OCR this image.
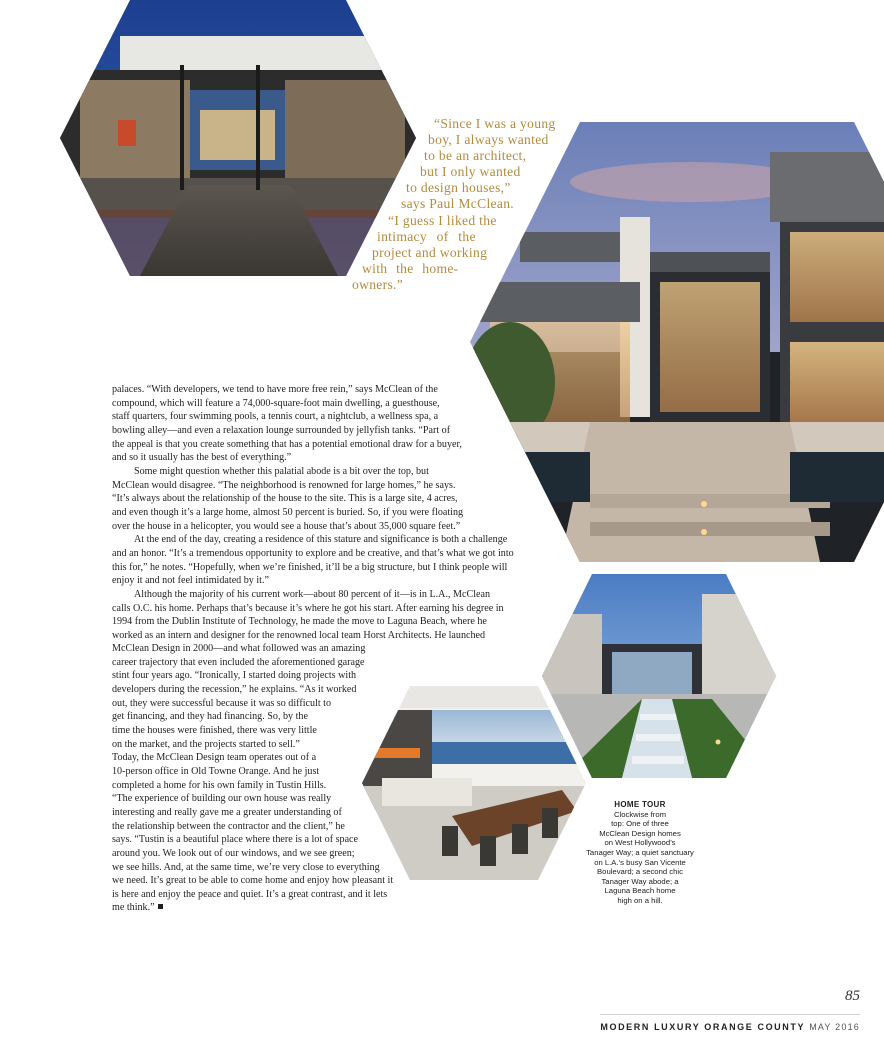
“Since I was a young
boy, I always wanted
to be an architect,
but I only wanted
to design houses,”
says Paul McClean.
“I guess I liked the
intimacy of the
project and working
with the home-
owners.”
palaces. “With developers, we tend to have more free rein,” says McClean of the
compound, which will feature a 74,000-square-foot main dwelling, a guesthouse,
staff quarters, four swimming pools, a tennis court, a nightclub, a wellness spa, a
bowling alley—and even a relaxation lounge surrounded by jellyfish tanks. “Part of
the appeal is that you create something that has a potential emotional draw for a buyer,
and so it usually has the best of everything.”
Some might question whether this palatial abode is a bit over the top, but
McClean would disagree. “The neighborhood is renowned for large homes,” he says.
“It’s always about the relationship of the house to the site. This is a large site, 4 acres,
and even though it’s a large home, almost 50 percent is buried. So, if you were floating
over the house in a helicopter, you would see a house that’s about 35,000 square feet.”
At the end of the day, creating a residence of this stature and significance is both a challenge
and an honor. “It’s a tremendous opportunity to explore and be creative, and that’s what we got into
this for,” he notes. “Hopefully, when we’re finished, it’ll be a big structure, but I think people will
enjoy it and not feel intimidated by it.”
Although the majority of his current work—about 80 percent of it—is in L.A., McClean
calls O.C. his home. Perhaps that’s because it’s where he got his start. After earning his degree in
1994 from the Dublin Institute of Technology, he made the move to Laguna Beach, where he
worked as an intern and designer for the renowned local team Horst Architects. He launched
McClean Design in 2000—and what followed was an amazing
career trajectory that even included the aforementioned garage
stint four years ago. “Ironically, I started doing projects with
developers during the recession,” he explains. “As it worked
out, they were successful because it was so difficult to
get financing, and they had financing. So, by the
time the houses were finished, there was very little
on the market, and the projects started to sell.”
Today, the McClean Design team operates out of a
10-person office in Old Towne Orange. And he just
completed a home for his own family in Tustin Hills.
“The experience of building our own house was really
interesting and really gave me a greater understanding of
the relationship between the contractor and the client,” he
says. “Tustin is a beautiful place where there is a lot of space
around you. We look out of our windows, and we see green;
we see hills. And, at the same time, we’re very close to everything
we need. It’s great to be able to come home and enjoy how pleasant it
is here and enjoy the peace and quiet. It’s a great contrast, and it lets
me think.”
HOME TOUR
Clockwise from
top: One of three
McClean Design homes
on West Hollywood’s
Tanager Way; a quiet sanctuary
on L.A.’s busy San Vicente
Boulevard; a second chic
Tanager Way abode; a
Laguna Beach home
high on a hill.
85
MODERN LUXURY ORANGE COUNTY MAY 2016
